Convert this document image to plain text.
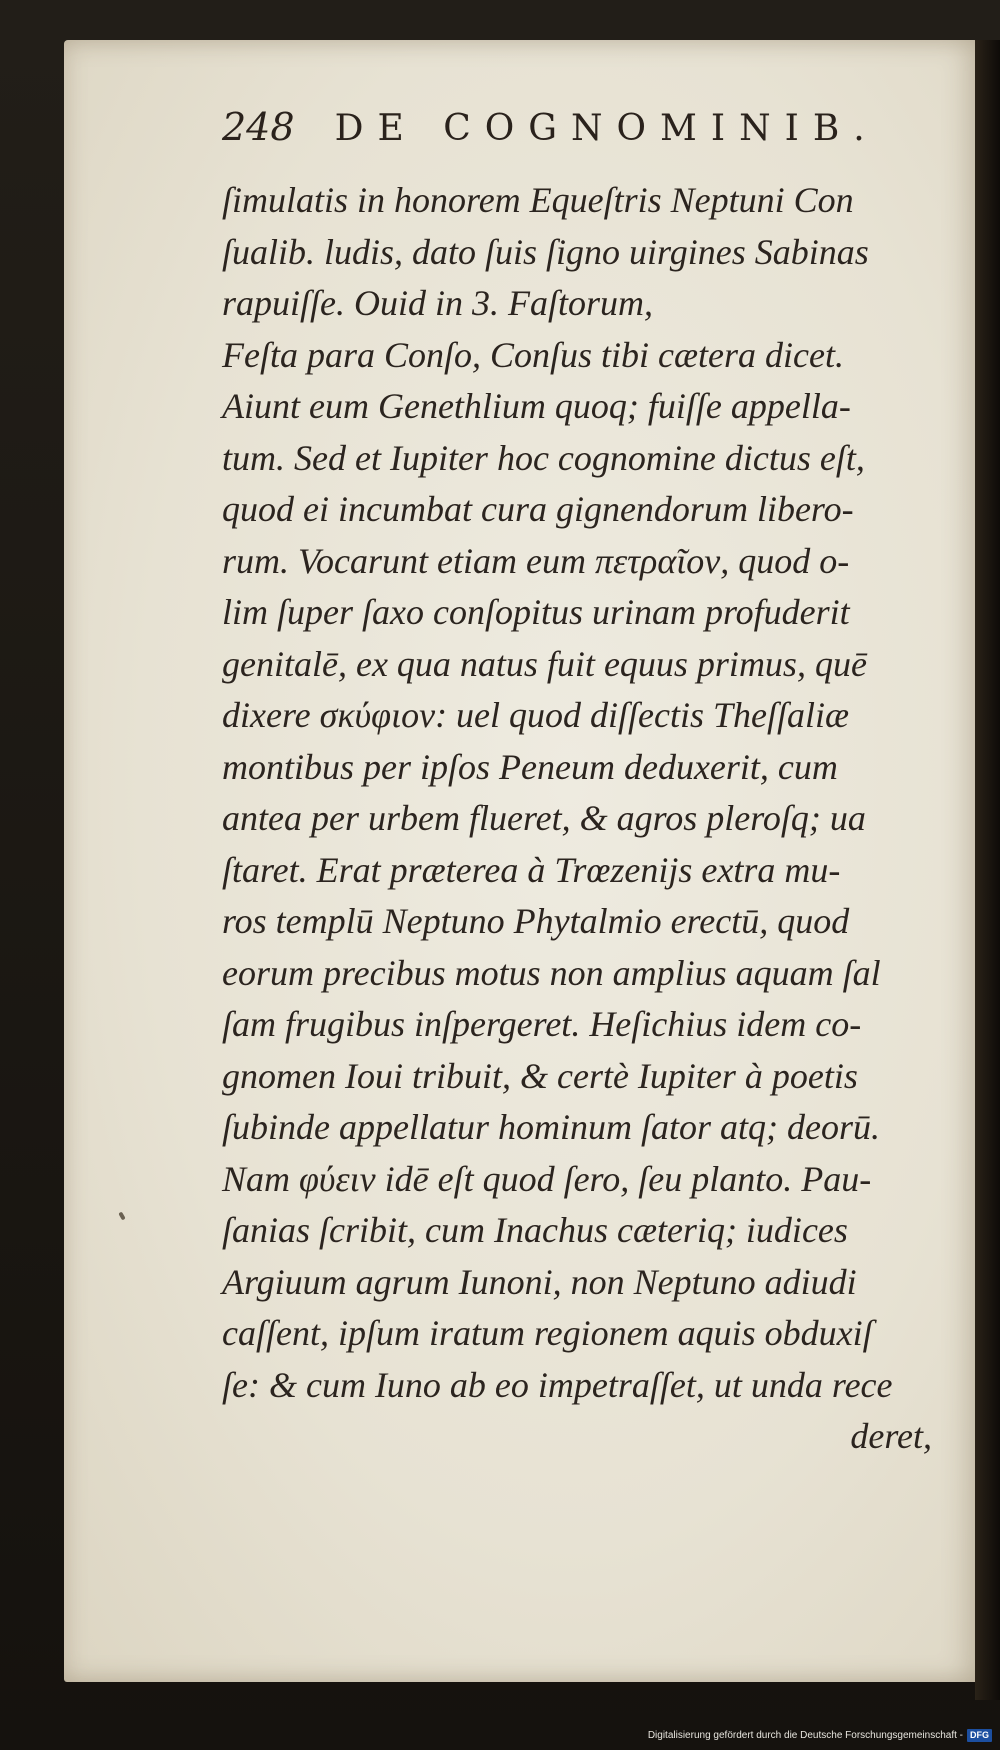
248 DE COGNOMINIB.
ſimulatis in honorem Equeſtris Neptuni Con
ſualib. ludis, dato ſuis ſigno uirgines Sabinas
rapuiſſe. Ouid in 3. Faſtorum,
Feſta para Conſo, Conſus tibi cætera dicet.
Aiunt eum Genethlium quoq; fuiſſe appella-
tum. Sed et Iupiter hoc cognomine dictus eſt,
quod ei incumbat cura gignendorum libero-
rum. Vocarunt etiam eum πετραῖον, quod o-
lim ſuper ſaxo conſopitus urinam profuderit
genitalē, ex qua natus fuit equus primus, quē
dixere σκύφιον: uel quod diſſectis Theſſaliæ
montibus per ipſos Peneum deduxerit, cum
antea per urbem flueret, & agros pleroſq; ua
ſtaret. Erat præterea à Trœzenijs extra mu-
ros templū Neptuno Phytalmio erectū, quod
eorum precibus motus non amplius aquam ſal
ſam frugibus inſpergeret. Heſichius idem co-
gnomen Ioui tribuit, & certè Iupiter à poetis
ſubinde appellatur hominum ſator atq; deorū.
Nam φύειν idē eſt quod ſero, ſeu planto. Pau-
ſanias ſcribit, cum Inachus cæteriq; iudices
Argiuum agrum Iunoni, non Neptuno adiudi
caſſent, ipſum iratum regionem aquis obduxiſ
ſe: & cum Iuno ab eo impetraſſet, ut unda rece
deret,
Digitalisierung gefördert durch die Deutsche Forschungsgemeinschaft - DFG
